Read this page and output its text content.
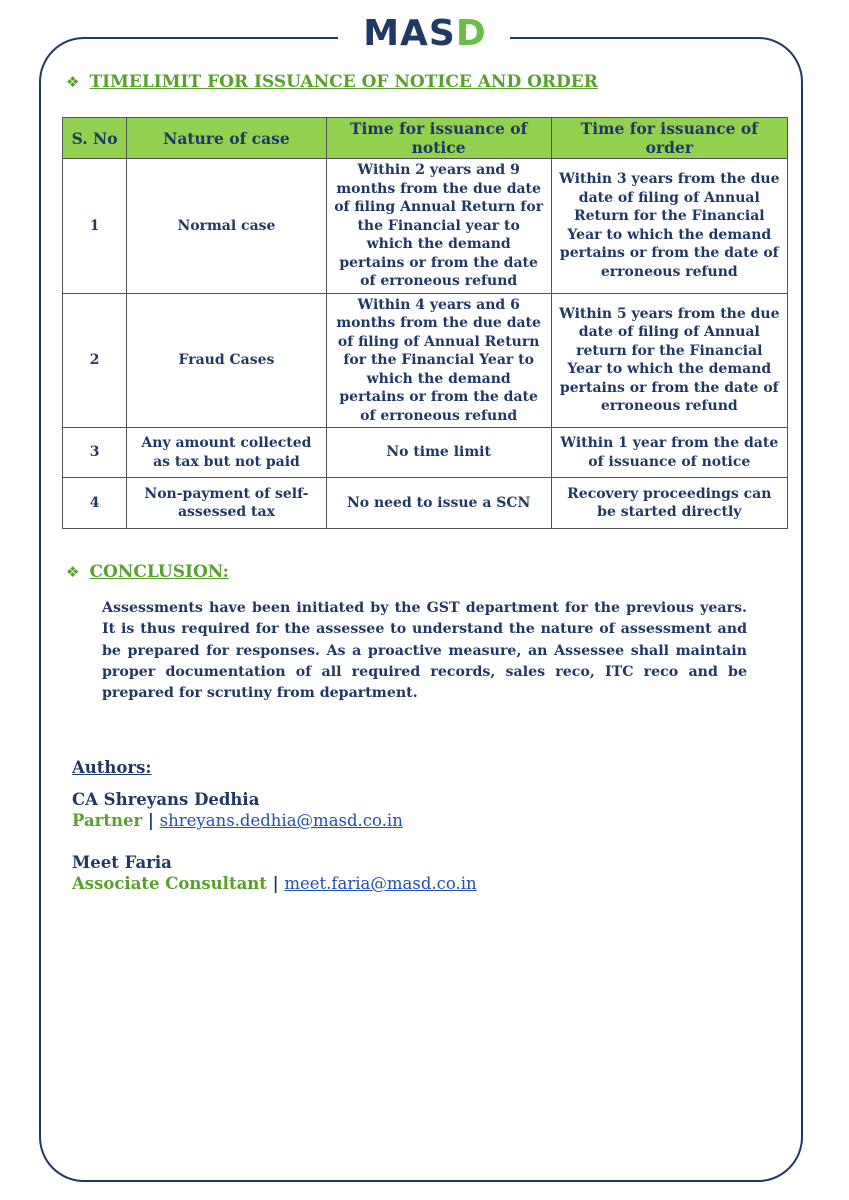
MASD
❖ TIMELIMIT FOR ISSUANCE OF NOTICE AND ORDER
S. No	Nature of case	Time for issuance of notice	Time for issuance of order
1	Normal case	Within 2 years and 9 months from the due date of filing Annual Return for the Financial year to which the demand pertains or from the date of erroneous refund	Within 3 years from the due date of filing of Annual Return for the Financial Year to which the demand pertains or from the date of erroneous refund
2	Fraud Cases	Within 4 years and 6 months from the due date of filing of Annual Return for the Financial Year to which the demand pertains or from the date of erroneous refund	Within 5 years from the due date of filing of Annual return for the Financial Year to which the demand pertains or from the date of erroneous refund
3	Any amount collected as tax but not paid	No time limit	Within 1 year from the date of issuance of notice
4	Non-payment of self-assessed tax	No need to issue a SCN	Recovery proceedings can be started directly
❖ CONCLUSION:
Assessments have been initiated by the GST department for the previous years. It is thus required for the assessee to understand the nature of assessment and be prepared for responses. As a proactive measure, an Assessee shall maintain proper documentation of all required records, sales reco, ITC reco and be prepared for scrutiny from department.
Authors:
CA Shreyans Dedhia
Partner | shreyans.dedhia@masd.co.in
Meet Faria
Associate Consultant | meet.faria@masd.co.in
